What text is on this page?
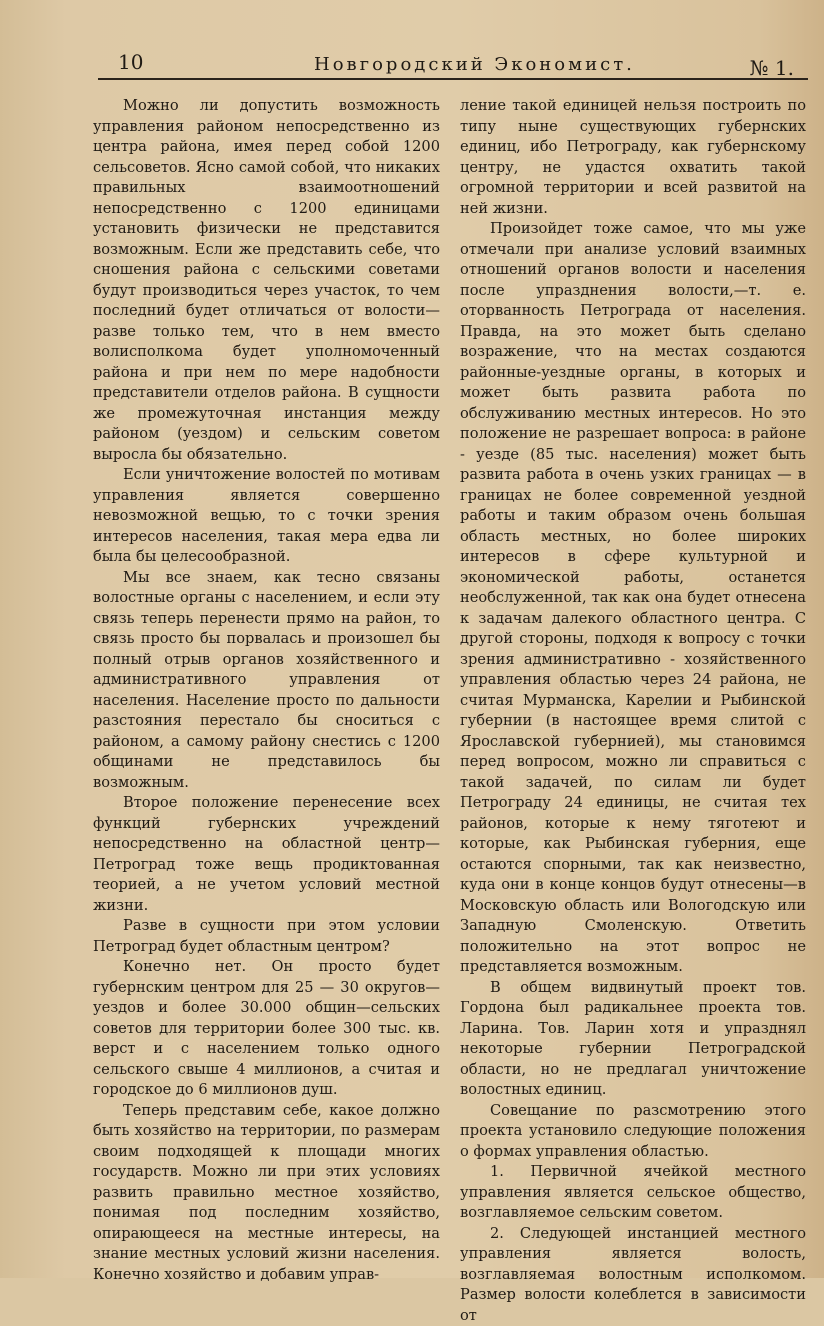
10	Новгородский Экономист.	№ 1.

Можно ли допустить возможность управления районом непосредственно из центра района, имея перед собой 1200 сельсоветов. Ясно самой собой, что никаких правильных взаимоотношений непосредственно с 1200 единицами установить физически не представится возможным. Если же представить себе, что сношения района с сельскими советами будут производиться через участок, то чем последний будет отличаться от волости— разве только тем, что в нем вместо волисполкома будет уполномоченный района и при нем по мере надобности представители отделов района. В сущности же промежуточная инстанция между районом (уездом) и сельским советом выросла бы обязательно.

Если уничтожение волостей по мотивам управления является совершенно невозможной вещью, то с точки зрения интересов населения, такая мера едва ли была бы целесообразной.

Мы все знаем, как тесно связаны волостные органы с населением, и если эту связь теперь перенести прямо на район, то связь просто бы порвалась и произошел бы полный отрыв органов хозяйственного и административного управления от населения. Население просто по дальности разстояния перестало бы сноситься с районом, а самому району снестись с 1200 общинами не представилось бы возможным.

Второе положение перенесение всех функций губернских учреждений непосредственно на областной центр—Петроград тоже вещь продиктованная теорией, а не учетом условий местной жизни.

Разве в сущности при этом условии Петроград будет областным центром?

Конечно нет. Он просто будет губернским центром для 25 — 30 округов— уездов и более 30.000 общин—сельских советов для территории более 300 тыс. кв. верст и с населением только одного сельского свыше 4 миллионов, а считая и городское до 6 миллионов душ.

Теперь представим себе, какое должно быть хозяйство на территории, по размерам своим подходящей к площади многих государств. Можно ли при этих условиях развить правильно местное хозяйство, понимая под последним хозяйство, опирающееся на местные интересы, на знание местных условий жизни населения. Конечно хозяйство и добавим управ-

ление такой единицей нельзя построить по типу ныне существующих губернских единиц, ибо Петрограду, как губернскому центру, не удастся охватить такой огромной территории и всей развитой на ней жизни.

Произойдет тоже самое, что мы уже отмечали при анализе условий взаимных отношений органов волости и населения после упразднения волости,—т. е. оторванность Петрограда от населения. Правда, на это может быть сделано возражение, что на местах создаются районные-уездные органы, в которых и может быть развита работа по обслуживанию местных интересов. Но это положение не разрешает вопроса: в районе - уезде (85 тыс. населения) может быть развита работа в очень узких границах — в границах не более современной уездной работы и таким образом очень большая область местных, но более широких интересов в сфере культурной и экономической работы, останется необслуженной, так как она будет отнесена к задачам далекого областного центра. С другой стороны, подходя к вопросу с точки зрения административно - хозяйственного управления областью через 24 района, не считая Мурманска, Карелии и Рыбинской губернии (в настоящее время слитой с Ярославской губернией), мы становимся перед вопросом, можно ли справиться с такой задачей, по силам ли будет Петрограду 24 единицы, не считая тех районов, которые к нему тяготеют и которые, как Рыбинская губерния, еще остаются спорными, так как неизвестно, куда они в конце концов будут отнесены—в Московскую область или Вологодскую или Западную Смоленскую. Ответить положительно на этот вопрос не представляется возможным.

В общем видвинутый проект тов. Гордона был радикальнее проекта тов. Ларина. Тов. Ларин хотя и упразднял некоторые губернии Петроградской области, но не предлагал уничтожение волостных единиц.

Совещание по разсмотрению этого проекта установило следующие положения о формах управления областью.

1. Первичной ячейкой местного управления является сельское общество, возглавляемое сельским советом.

2. Следующей инстанцией местного управления является волость, возглавляемая волостным исполкомом. Размер волости колеблется в зависимости от
